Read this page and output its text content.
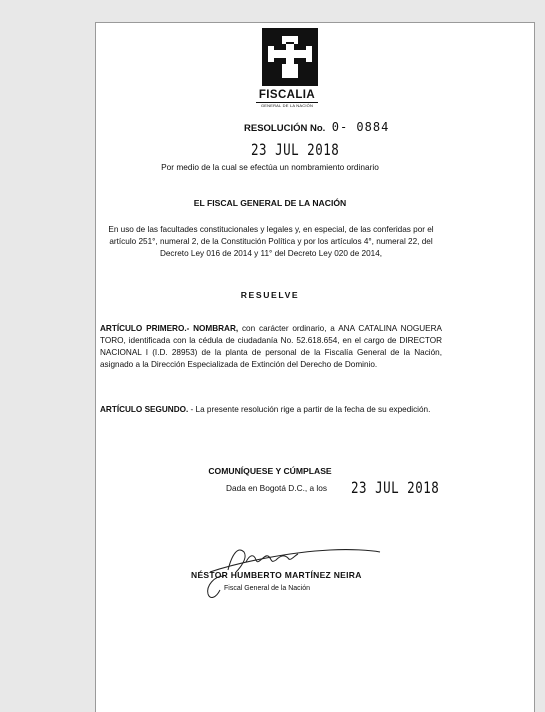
FISCALIA
GENERAL DE LA NACIÓN
RESOLUCIÓN No. 0- 0884
23 JUL 2018
Por medio de la cual se efectúa un nombramiento ordinario
EL FISCAL GENERAL DE LA NACIÓN
En uso de las facultades constitucionales y legales y, en especial, de las conferidas por el artículo 251°, numeral 2, de la Constitución Política y por los artículos 4°, numeral 22, del Decreto Ley 016 de 2014 y 11° del Decreto Ley 020 de 2014,
RESUELVE
ARTÍCULO PRIMERO.- NOMBRAR, con carácter ordinario, a ANA CATALINA NOGUERA TORO, identificada con la cédula de ciudadanía No. 52.618.654, en el cargo de DIRECTOR NACIONAL I (I.D. 28953) de la planta de personal de la Fiscalía General de la Nación, asignado a la Dirección Especializada de Extinción del Derecho de Dominio.
ARTÍCULO SEGUNDO. - La presente resolución rige a partir de la fecha de su expedición.
COMUNÍQUESE Y CÚMPLASE
Dada en Bogotá D.C., a los 23 JUL 2018
NÉSTOR HUMBERTO MARTÍNEZ NEIRA
Fiscal General de la Nación
